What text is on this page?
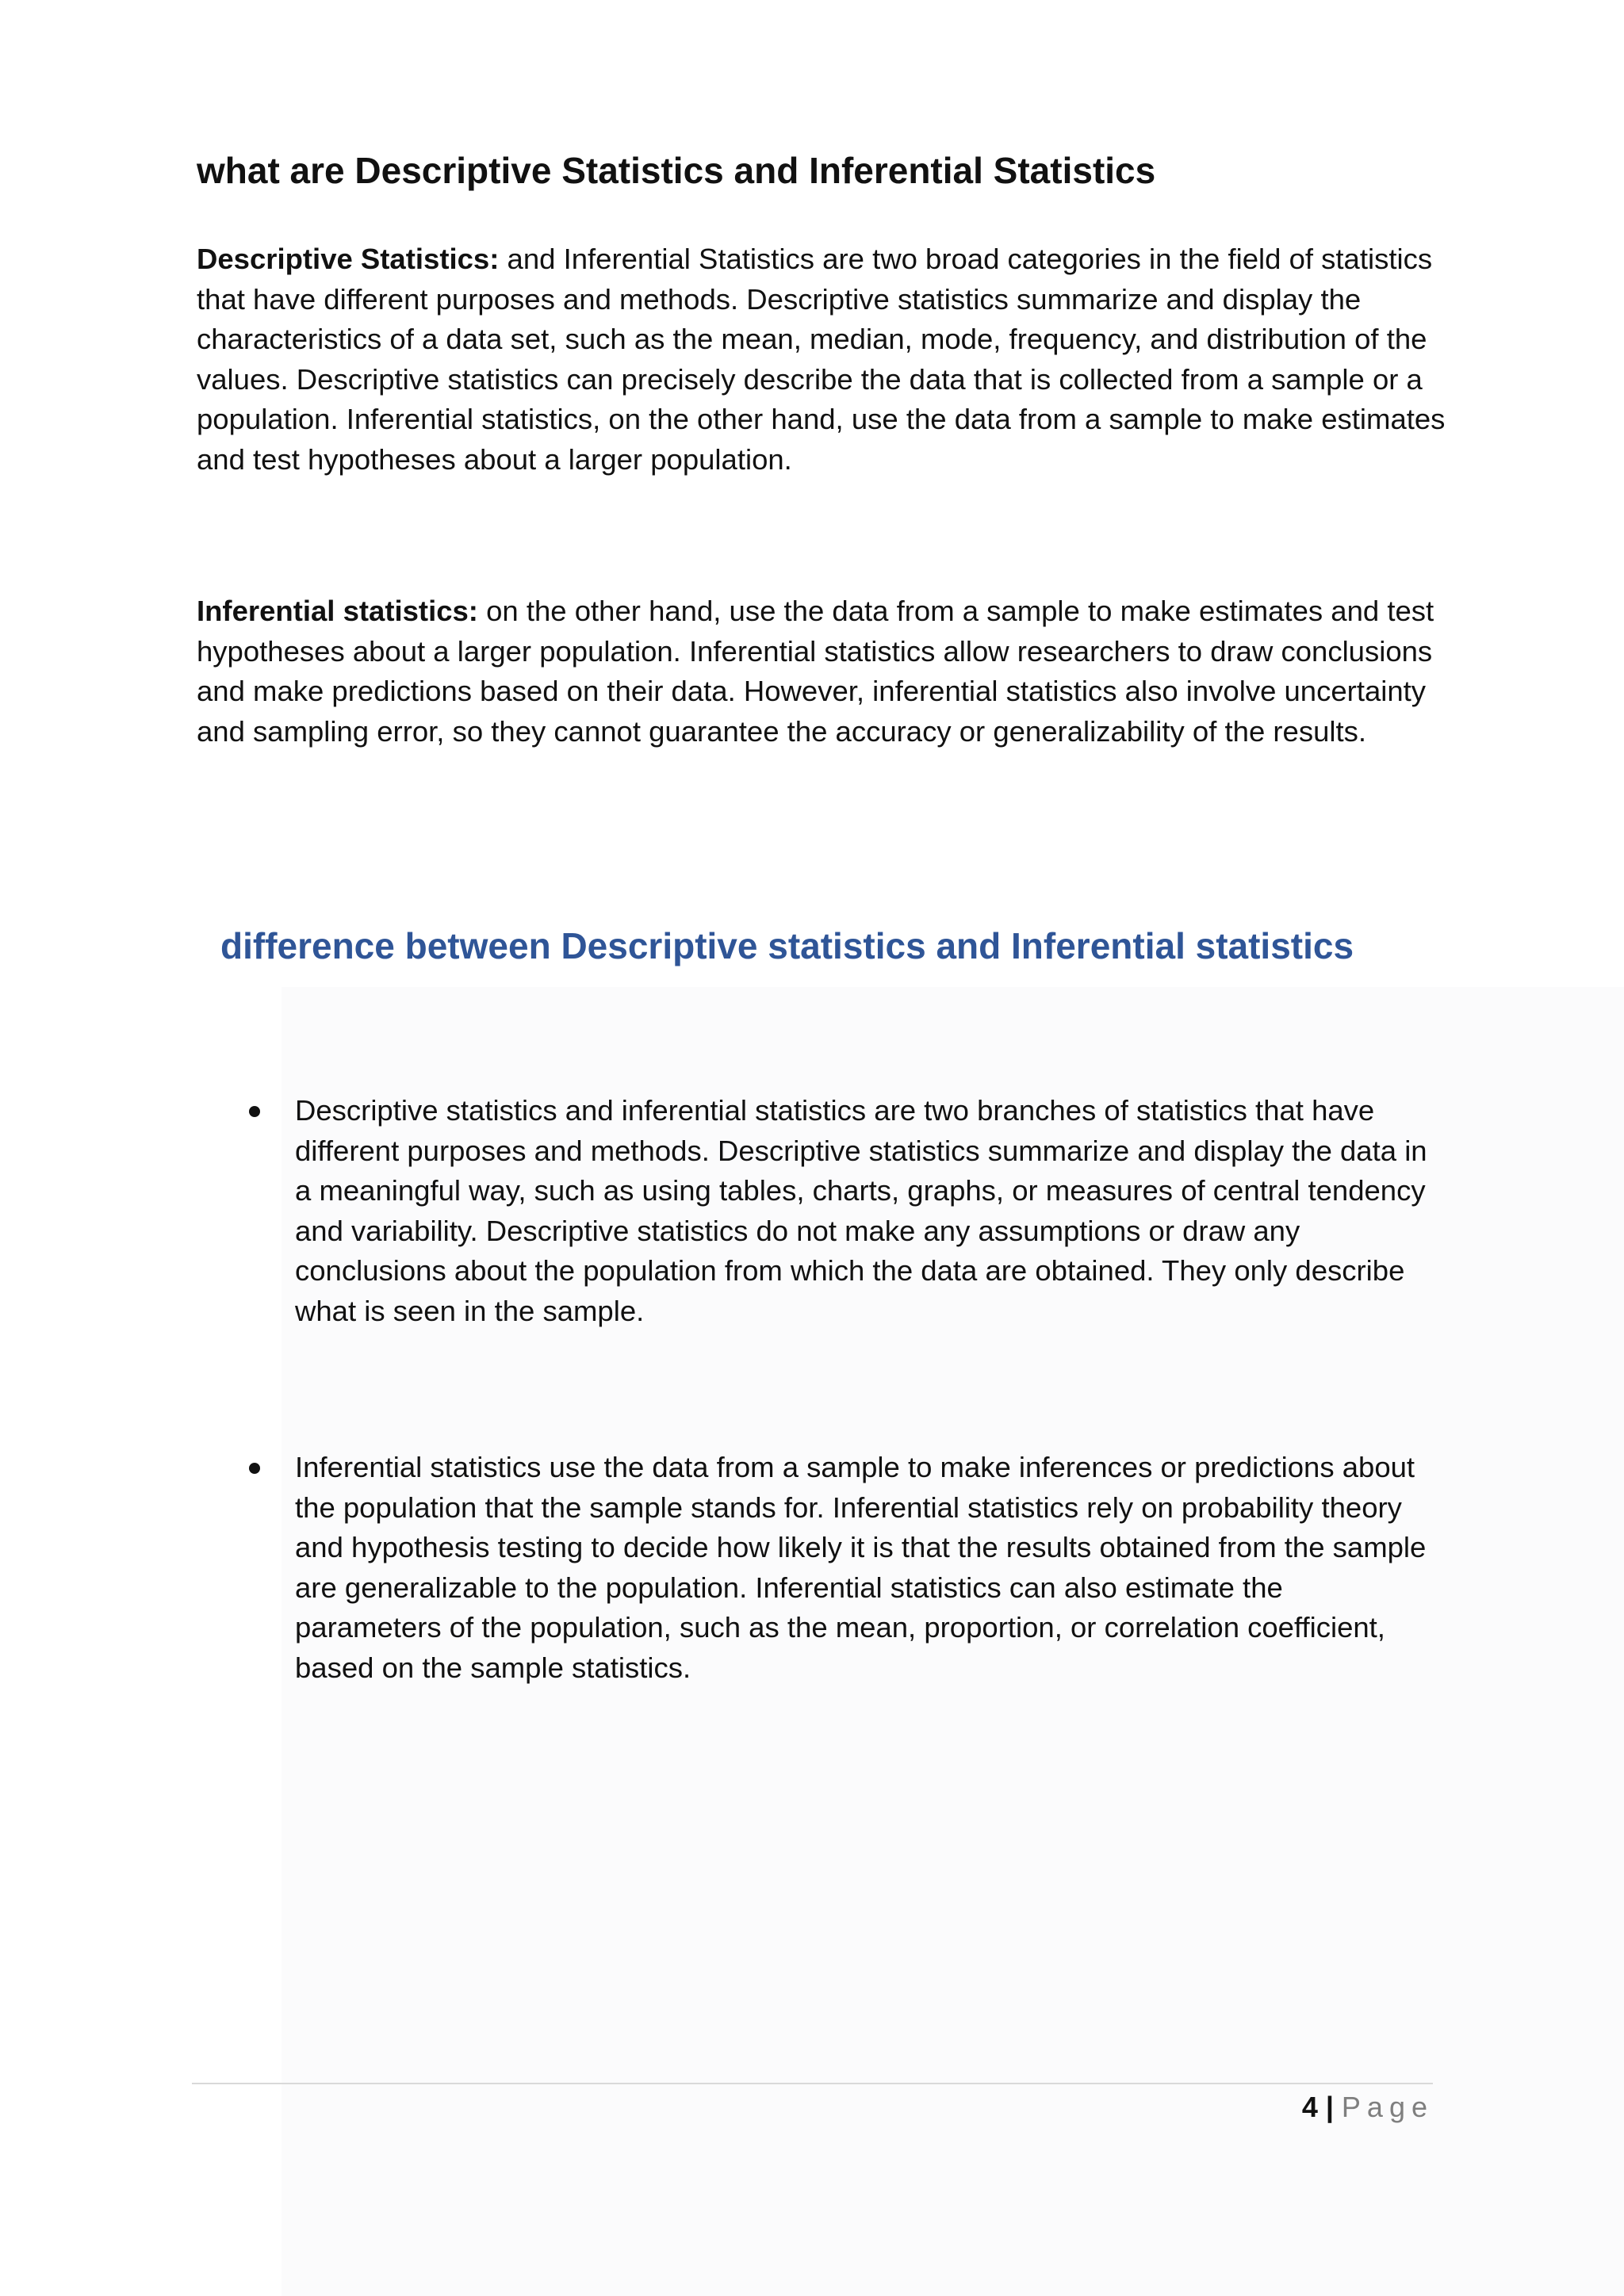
what are Descriptive Statistics and Inferential Statistics

Descriptive Statistics: and Inferential Statistics are two broad categories in the field of statistics that have different purposes and methods. Descriptive statistics summarize and display the characteristics of a data set, such as the mean, median, mode, frequency, and distribution of the values. Descriptive statistics can precisely describe the data that is collected from a sample or a population. Inferential statistics, on the other hand, use the data from a sample to make estimates and test hypotheses about a larger population.

Inferential statistics: on the other hand, use the data from a sample to make estimates and test hypotheses about a larger population. Inferential statistics allow researchers to draw conclusions and make predictions based on their data. However, inferential statistics also involve uncertainty and sampling error, so they cannot guarantee the accuracy or generalizability of the results.

difference between Descriptive statistics and Inferential statistics
Descriptive statistics and inferential statistics are two branches of statistics that have different purposes and methods. Descriptive statistics summarize and display the data in a meaningful way, such as using tables, charts, graphs, or measures of central tendency and variability. Descriptive statistics do not make any assumptions or draw any conclusions about the population from which the data are obtained. They only describe what is seen in the sample.
Inferential statistics use the data from a sample to make inferences or predictions about the population that the sample stands for. Inferential statistics rely on probability theory and hypothesis testing to decide how likely it is that the results obtained from the sample are generalizable to the population. Inferential statistics can also estimate the parameters of the population, such as the mean, proportion, or correlation coefficient, based on the sample statistics.
4 | Page
